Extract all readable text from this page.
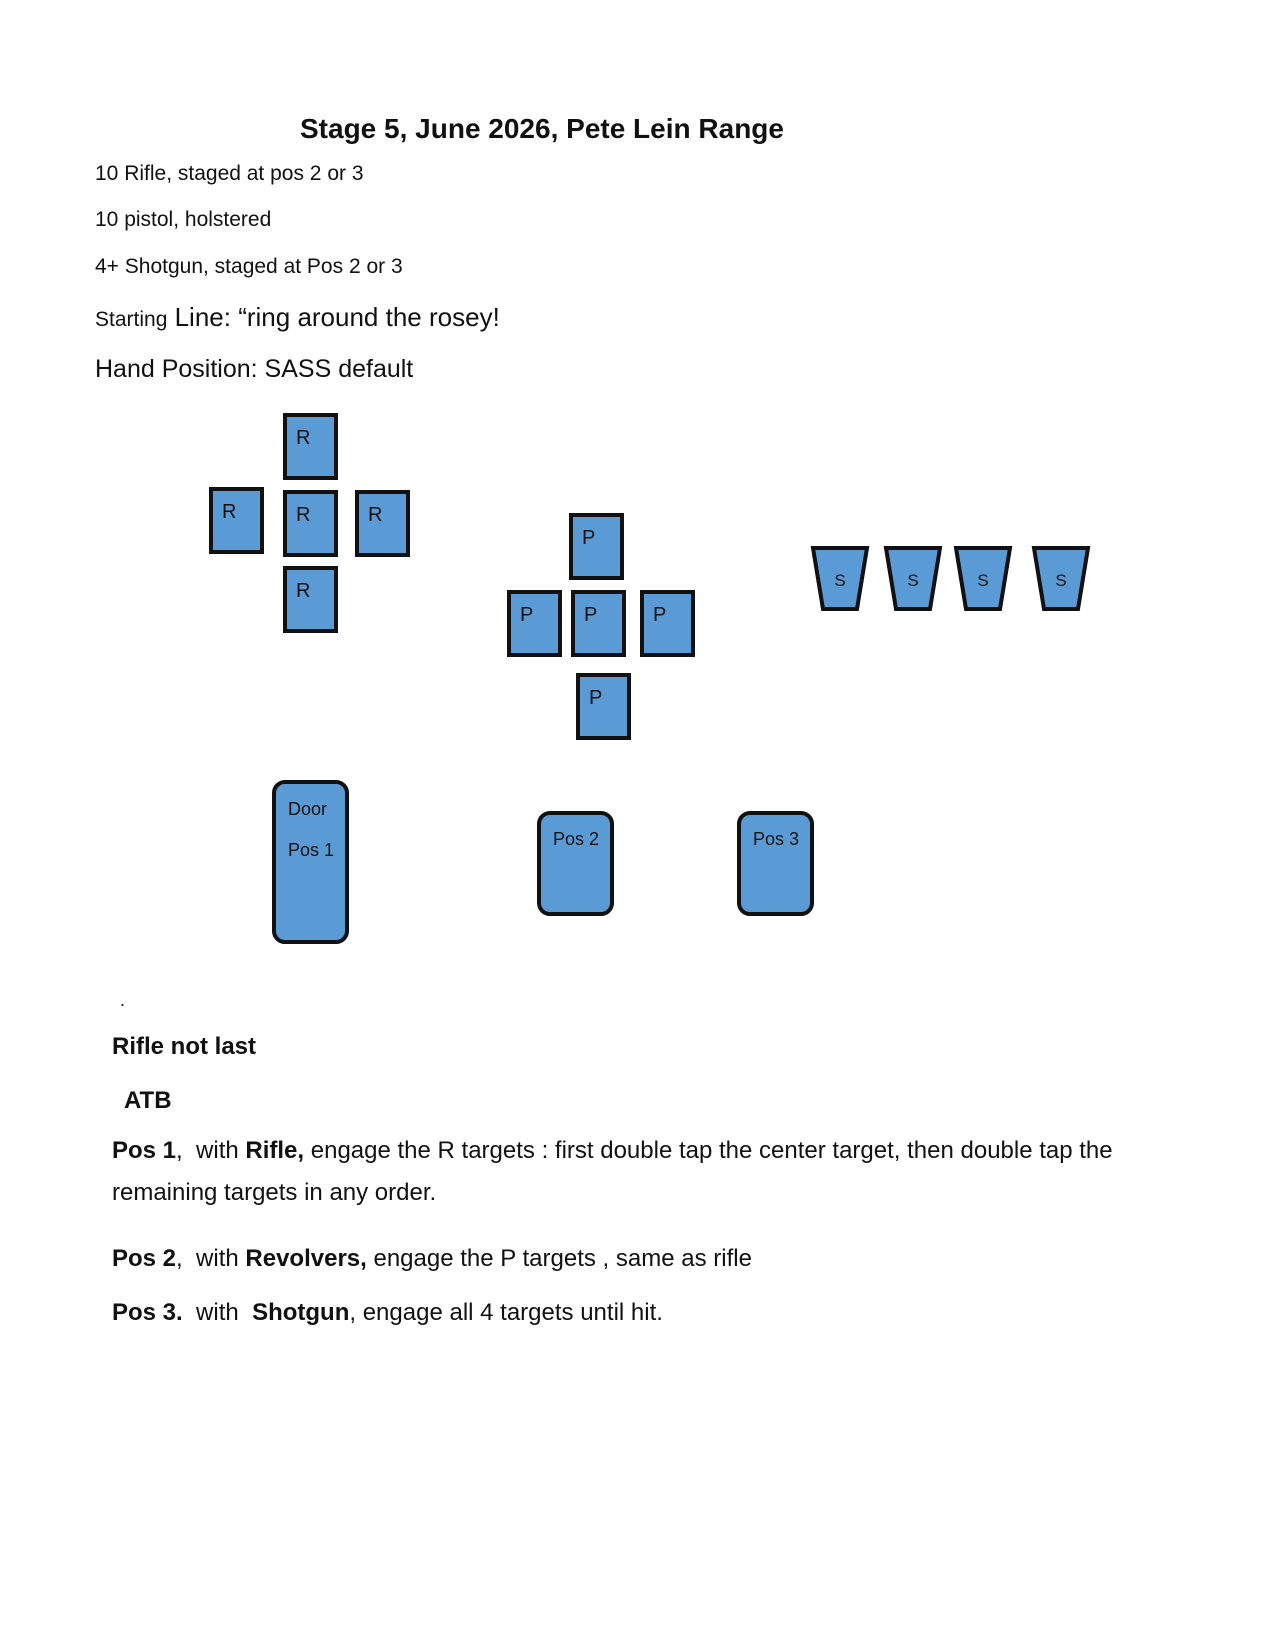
Stage 5, June 2026, Pete Lein Range
10 Rifle, staged at pos 2 or 3
10 pistol, holstered
4+ Shotgun, staged at Pos 2 or 3
Starting Line: “ring around the rosey!
Hand Position: SASS default
R
R	R	R
R
P
P	P	P
P
S	S	S	S
Door
Pos 1
Pos 2	Pos 3
.
Rifle not last
ATB
Pos 1,  with Rifle, engage the R targets : first double tap the center target, then double tap the remaining targets in any order.
Pos 2,  with Revolvers, engage the P targets , same as rifle
Pos 3.  with  Shotgun, engage all 4 targets until hit.
